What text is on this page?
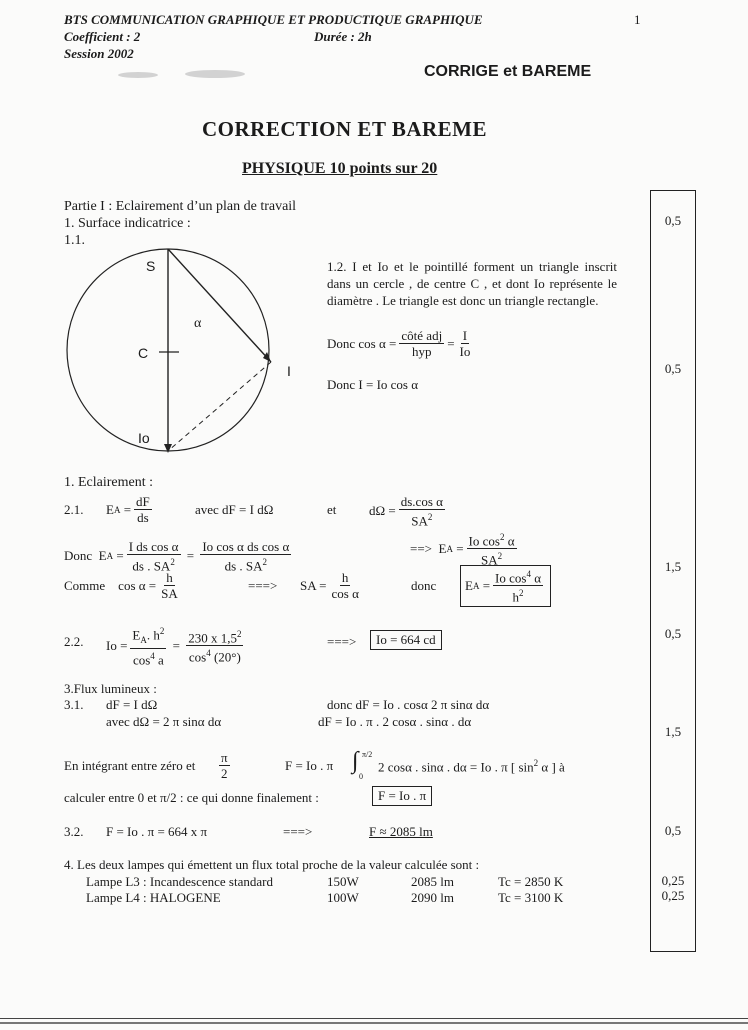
BTS COMMUNICATION GRAPHIQUE ET PRODUCTIQUE GRAPHIQUE	1
Coefficient : 2	Durée : 2h
Session 2002
CORRIGE et BAREME
CORRECTION ET BAREME
PHYSIQUE 10 points sur 20
0,5
0,5
1,5
0,5
1,5
0,5
0,25
0,25
Partie I : Eclairement d’un plan de travail
1. Surface indicatrice :
1.1.
S
α
C
I
Io
1.2. I et Io et le pointillé forment un triangle inscrit dans un cercle , de centre C , et dont Io représente le diamètre . Le triangle est donc un triangle rectangle.
Donc $\cos \alpha = \frac{\text{côté adj}}{\text{hyp}} = \frac{I}{Io}$
Donc I = Io cos α
1. Eclairement :
2.1. E $A = \frac{dF}{ds}$	avec dF = I dΩ	et	$d\Omega = \frac{\text{ds.cos α}}{SA^2}$
Donc E $A = \frac{\text{I ds cos α}}{ds . SA^2} = \frac{\text{Io cos α ds cos α}}{ds . SA^2}$	==> E $A = \frac{Io \cos^2 \alpha}{SA^2}$
Comme
$\cos \alpha = \frac{h}{SA}$	===> SA = $\frac{h}{\text{cos α}}$	donc E $A = \frac{Io \cos^4 \alpha}{h^2}$
2.2. $Io = \frac{E_A. h^2}{\cos^4 a} = \frac{230 x 1,5^2}{\cos^4 (20^\circ)}$	===>	Io = 664 cd
3.Flux lumineux :
3.1. dF = I dΩ
avec dΩ = 2 π sinα dα
donc dF = Io . cosα 2 π sinα dα
dF = Io . π . 2 cosα . sinα . dα
En intégrant entre zéro et $\frac{\pi}{2}$	F = Io . π ∫ π/2
0
2 cosα . sinα . dα = Io . π [ $\sin^2 \alpha$ ] à
calculer entre 0 et π/2 : ce qui donne finalement :	F = Io . π
3.2. F = Io . π = 664 x π	===>	F ≈ 2085 lm
4. Les deux lampes qui émettent un flux total proche de la valeur calculée sont :
Lampe L3 : Incandescence standard	150W	2085 lm	Tc = 2850 K
Lampe L4 : HALOGENE	100W	2090 lm	Tc = 3100 K
